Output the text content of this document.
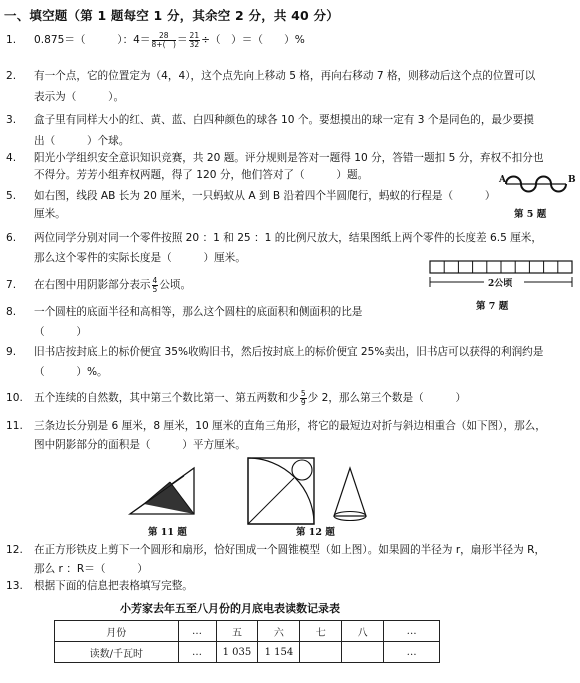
一、填空题（第 1 题每空 1 分，其余空 2 分，共 40 分）
1. 0.875＝（　　　）：$4= \frac{28}{8+( )} = \frac{21}{32}$ ÷（　）＝（　　）%
2. 有一个点，它的位置定为（4，4），这个点先向上移动 5 格，再向右移动 7 格，则移动后这个点的位置可以
表示为（　　　）。
3. 盒子里有同样大小的红、黄、蓝、白四种颜色的球各 10 个。要想摸出的球一定有 3 个是同色的，最少要摸
出（　　　）个球。
4. 阳光小学组织安全意识知识竞赛，共 20 题。评分规则是答对一题得 10 分，答错一题扣 5 分，弃权不扣分也
不得分。芳芳小组弃权两题，得了 120 分，他们答对了（　　　）题。
5. 如右图，线段 AB 长为 20 厘米，一只蚂蚁从 A 到 B 沿着四个半圆爬行，蚂蚁的行程是（　　　）
厘米。
A	B
第 5 题
6. 两位同学分别对同一个零件按照 20 ：1 和 25 ：1 的比例尺放大，结果图纸上两个零件的长度差 6.5 厘米，
那么这个零件的实际长度是（　　　）厘米。
7. 在右图中用阴影部分表示 $\frac{4}{5}$ 公顷。	2公顷
第 7 题
8. 一个圆柱的底面半径和高相等，那么这个圆柱的底面积和侧面积的比是
（　　　）
9. 旧书店按封底上的标价便宜 35%收购旧书，然后按封底上的标价便宜 25%卖出，旧书店可以获得的利润约是
（　　　）%。
10. 五个连续的自然数，其中第三个数比第一、第五两数和少 $\frac{5}{9}$ 少 2，那么第三个数是（　　　）
11. 三条边长分别是 6 厘米，8 厘米，10 厘米的直角三角形，将它的最短边对折与斜边相重合（如下图），那么，
图中阴影部分的面积是（　　　）平方厘米。
第 11 题	第 12 题
12. 在正方形铁皮上剪下一个圆形和扇形，恰好围成一个圆锥模型（如上图）。如果圆的半径为 r，扇形半径为 R，
那么 r ：R＝（　　　）
13. 根据下面的信息把表格填写完整。
小芳家去年五至八月份的月底电表读数记录表
月份	…	五	六	七	八	…
读数/千瓦时	…	1 035	1 154			…
